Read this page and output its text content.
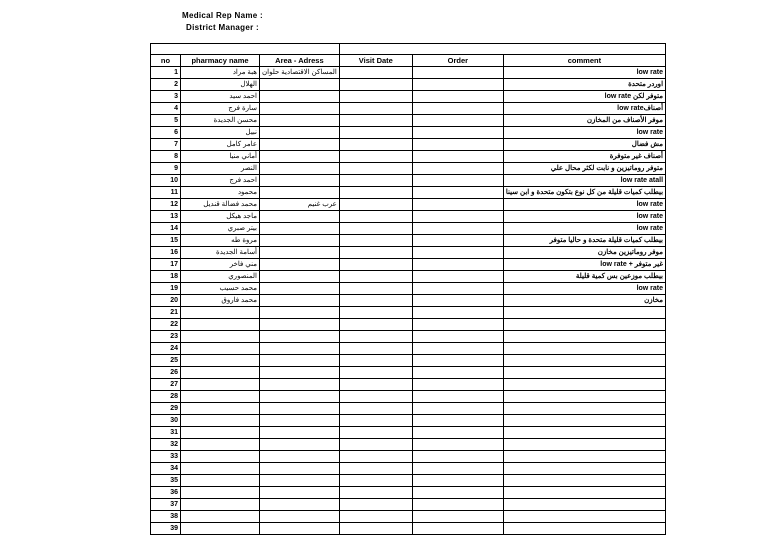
Medical Rep Name :
District Manager :

no	pharmacy name	Area - Adress	Visit Date	Order	comment
1	هبة مراد	المساكن الاقتصادية حلوان			low rate
2	الهلال				اوردر متحدة
3	احمد سيد				low rate متوفر لكن
4	سارة فرج				low rateأصناف
5	محسن الجديدة				موفر الأصناف من المخازن
6	نبيل				low rate
7	عامر كامل				مش فضال
8	أماني منيا				أصناف غير متوفرة
9	النصر				متوفر روماتيزين و نابت لكثر محال علي
10	احمد فرج				low rate atall
11	محمود				بيطلب كميات قليلة من كل نوع بتكون متحدة و ابن سينا
12	محمد فضالة قنديل	عرب غنيم			low rate
13	ماجد هيكل				low rate
14	بيتر صبري				low rate
15	مروة طه				بيطلب كميات قليلة متحدة و حاليا متوفر
16	أسامة الجديدة				موفر روماتيزين مخازن
17	مني فاخر				low rate + غير متوفر
18	المنصوري				بيطلب موزعين بس كمية قليلة
19	محمد حسيب				low rate
20	محمد فاروق				مخازن
21					
22					
23					
24					
25					
26					
27					
28					
29					
30					
31					
32					
33					
34					
35					
36					
37					
38					
39					
